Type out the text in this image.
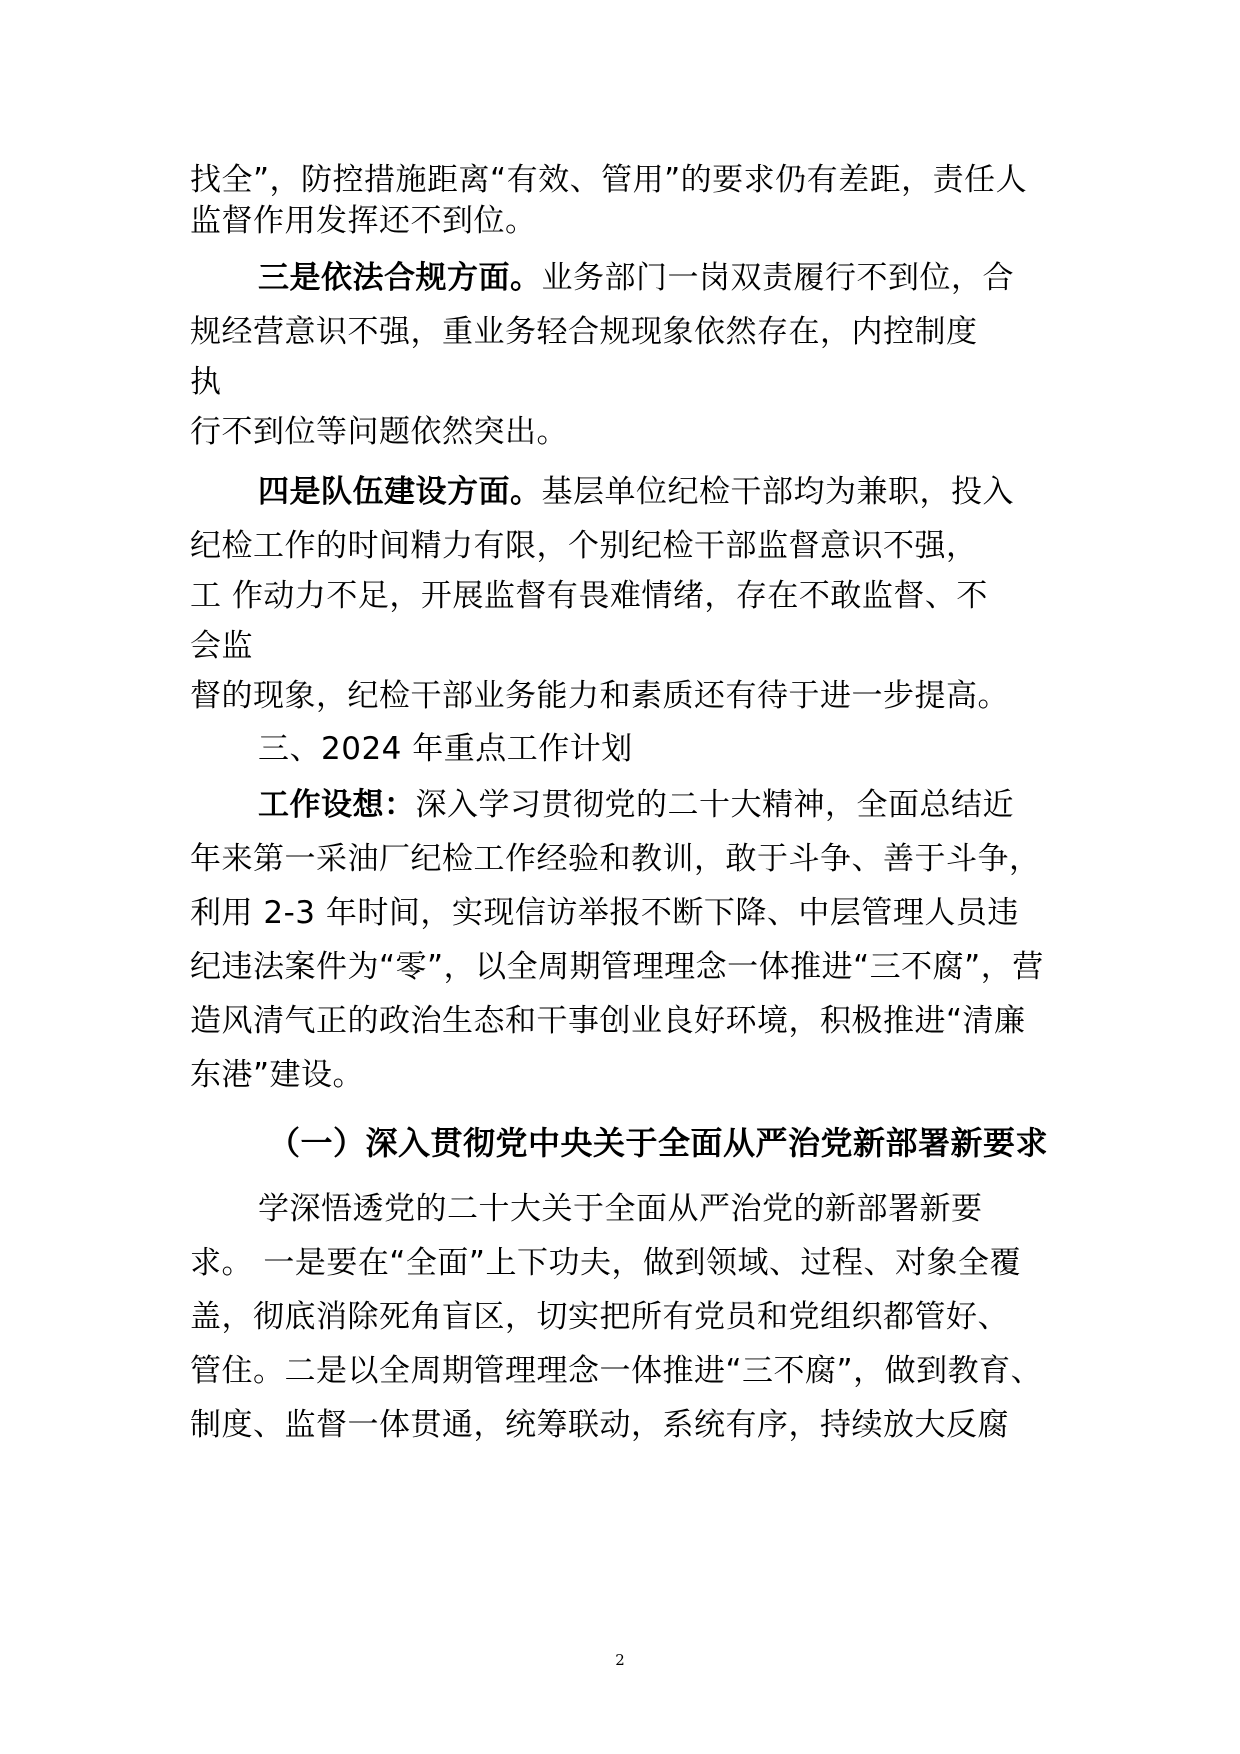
找全”，防控措施距离“有效、管用”的要求仍有差距，责任人
监督作用发挥还不到位。
三是依法合规方面。业务部门一岗双责履行不到位，合
规经营意识不强，重业务轻合规现象依然存在，内控制度
执
行不到位等问题依然突出。
四是队伍建设方面。基层单位纪检干部均为兼职，投入
纪检工作的时间精力有限，个别纪检干部监督意识不强，
工 作动力不足，开展监督有畏难情绪，存在不敢监督、不
会监
督的现象，纪检干部业务能力和素质还有待于进一步提高。
三、2024 年重点工作计划
工作设想：深入学习贯彻党的二十大精神，全面总结近
年来第一采油厂纪检工作经验和教训，敢于斗争、善于斗争，
利用 2-3 年时间，实现信访举报不断下降、中层管理人员违
纪违法案件为“零”，以全周期管理理念一体推进“三不腐”，营
造风清气正的政治生态和干事创业良好环境，积极推进“清廉
东港”建设。
（一）深入贯彻党中央关于全面从严治党新部署新要求
学深悟透党的二十大关于全面从严治党的新部署新要
求。 一是要在“全面”上下功夫，做到领域、过程、对象全覆
盖，彻底消除死角盲区，切实把所有党员和党组织都管好、
管住。二是以全周期管理理念一体推进“三不腐”，做到教育、
制度、监督一体贯通，统筹联动，系统有序，持续放大反腐
2
